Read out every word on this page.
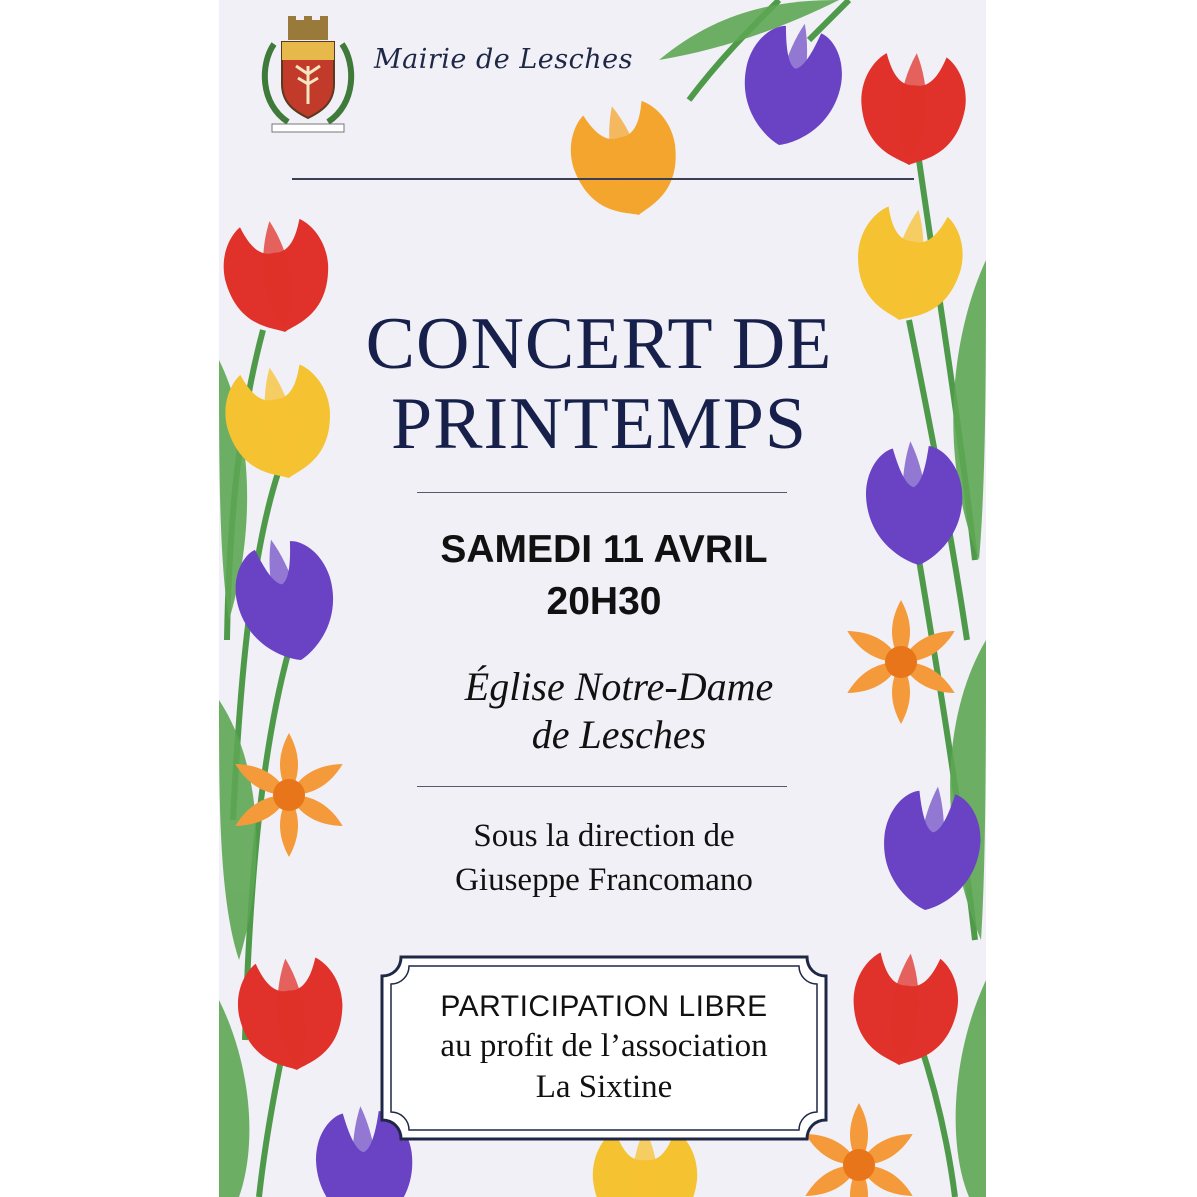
Mairie de Lesches
CONCERT DE
PRINTEMPS
SAMEDI 11 AVRIL
20H30
Église Notre-Dame
de Lesches
Sous la direction de
Giuseppe Francomano
PARTICIPATION LIBRE
au profit de l’association
La Sixtine
